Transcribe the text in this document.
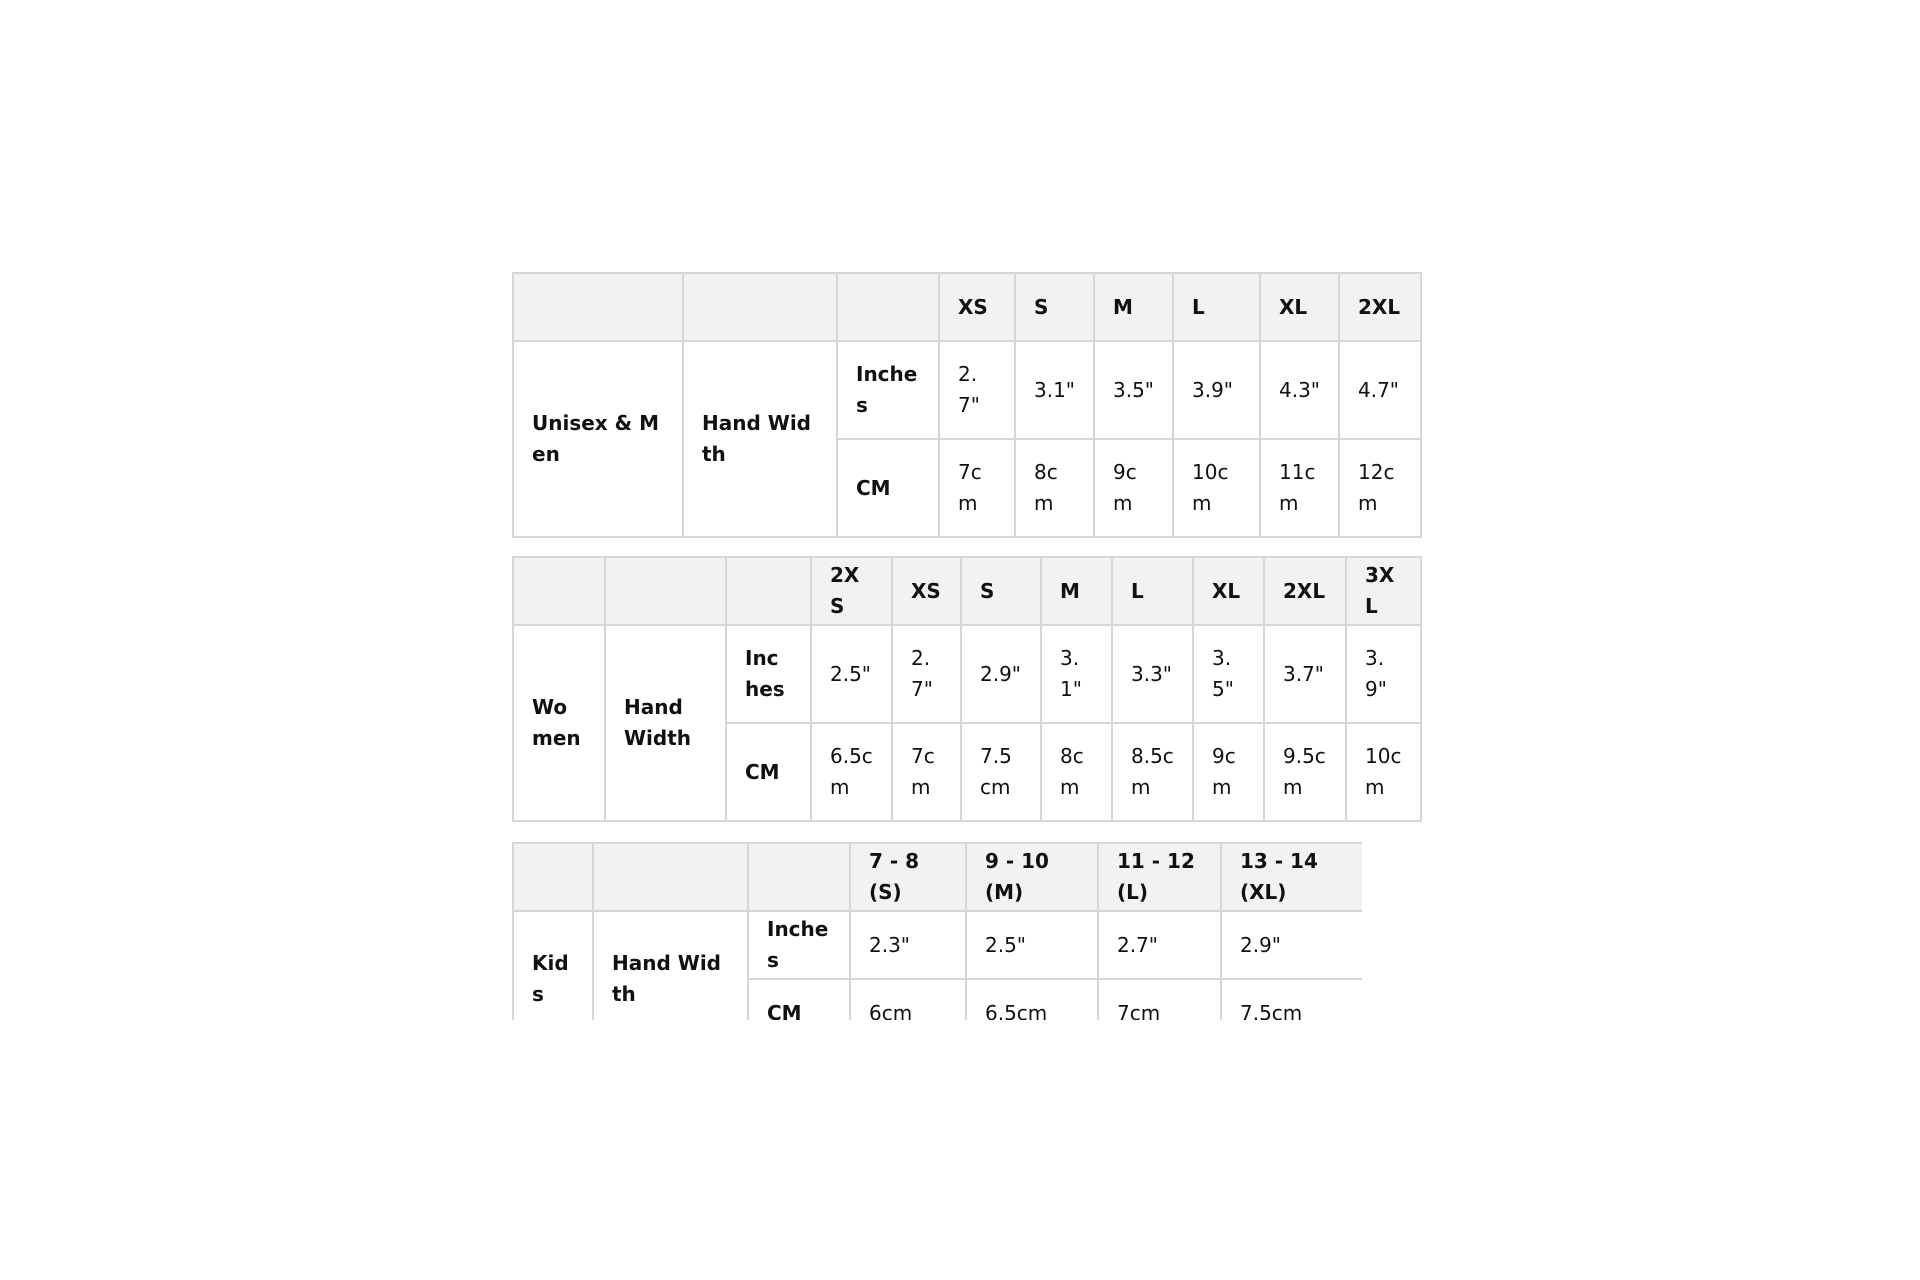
			XS	S	M	L	XL	2XL
Unisex & Men	Hand Width	Inches	2.7"	3.1"	3.5"	3.9"	4.3"	4.7"
		CM	7cm	8cm	9cm	10cm	11cm	12cm
			2XS	XS	S	M	L	XL	2XL	3XL
Women	Hand Width	Inches	2.5"	2.7"	2.9"	3.1"	3.3"	3.5"	3.7"	3.9"
		CM	6.5cm	7cm	7.5cm	8cm	8.5cm	9cm	9.5cm	10cm
			7 - 8 (S)	9 - 10 (M)	11 - 12 (L)	13 - 14 (XL)
Kids	Hand Width	Inches	2.3"	2.5"	2.7"	2.9"
		CM	6cm	6.5cm	7cm	7.5cm
